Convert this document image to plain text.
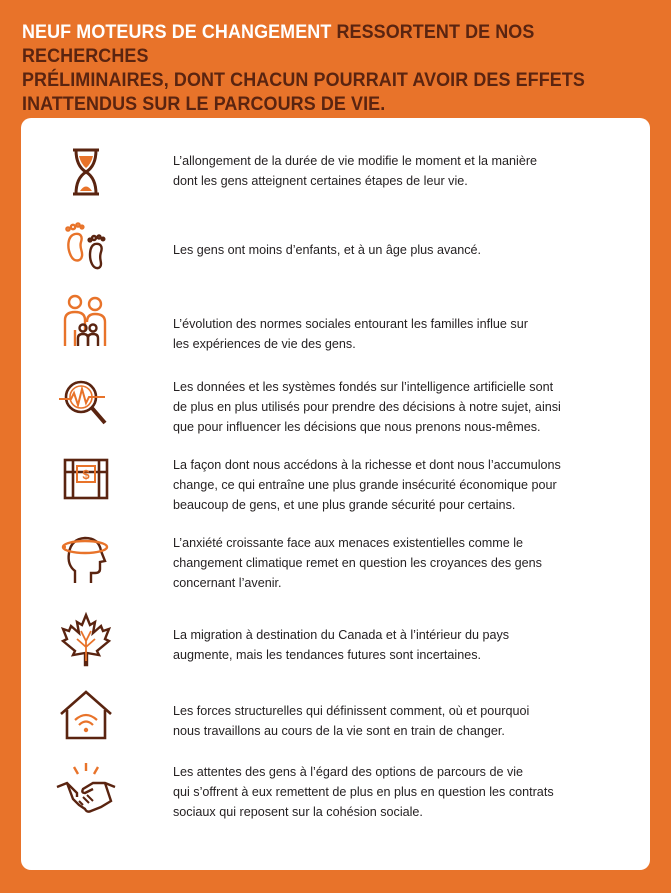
NEUF MOTEURS DE CHANGEMENT RESSORTENT DE NOS RECHERCHES
PRÉLIMINAIRES, DONT CHACUN POURRAIT AVOIR DES EFFETS
INATTENDUS SUR LE PARCOURS DE VIE.
L’allongement de la durée de vie modifie le moment et la manière
dont les gens atteignent certaines étapes de leur vie.
Les gens ont moins d’enfants, et à un âge plus avancé.
L’évolution des normes sociales entourant les familles influe sur
les expériences de vie des gens.
Les données et les systèmes fondés sur l’intelligence artificielle sont
de plus en plus utilisés pour prendre des décisions à notre sujet, ainsi
que pour influencer les décisions que nous prenons nous-mêmes.
$
La façon dont nous accédons à la richesse et dont nous l’accumulons
change, ce qui entraîne une plus grande insécurité économique pour
beaucoup de gens, et une plus grande sécurité pour certains.
L’anxiété croissante face aux menaces existentielles comme le
changement climatique remet en question les croyances des gens
concernant l’avenir.
La migration à destination du Canada et à l’intérieur du pays
augmente, mais les tendances futures sont incertaines.
Les forces structurelles qui définissent comment, où et pourquoi
nous travaillons au cours de la vie sont en train de changer.
Les attentes des gens à l’égard des options de parcours de vie
qui s’offrent à eux remettent de plus en plus en question les contrats
sociaux qui reposent sur la cohésion sociale.
